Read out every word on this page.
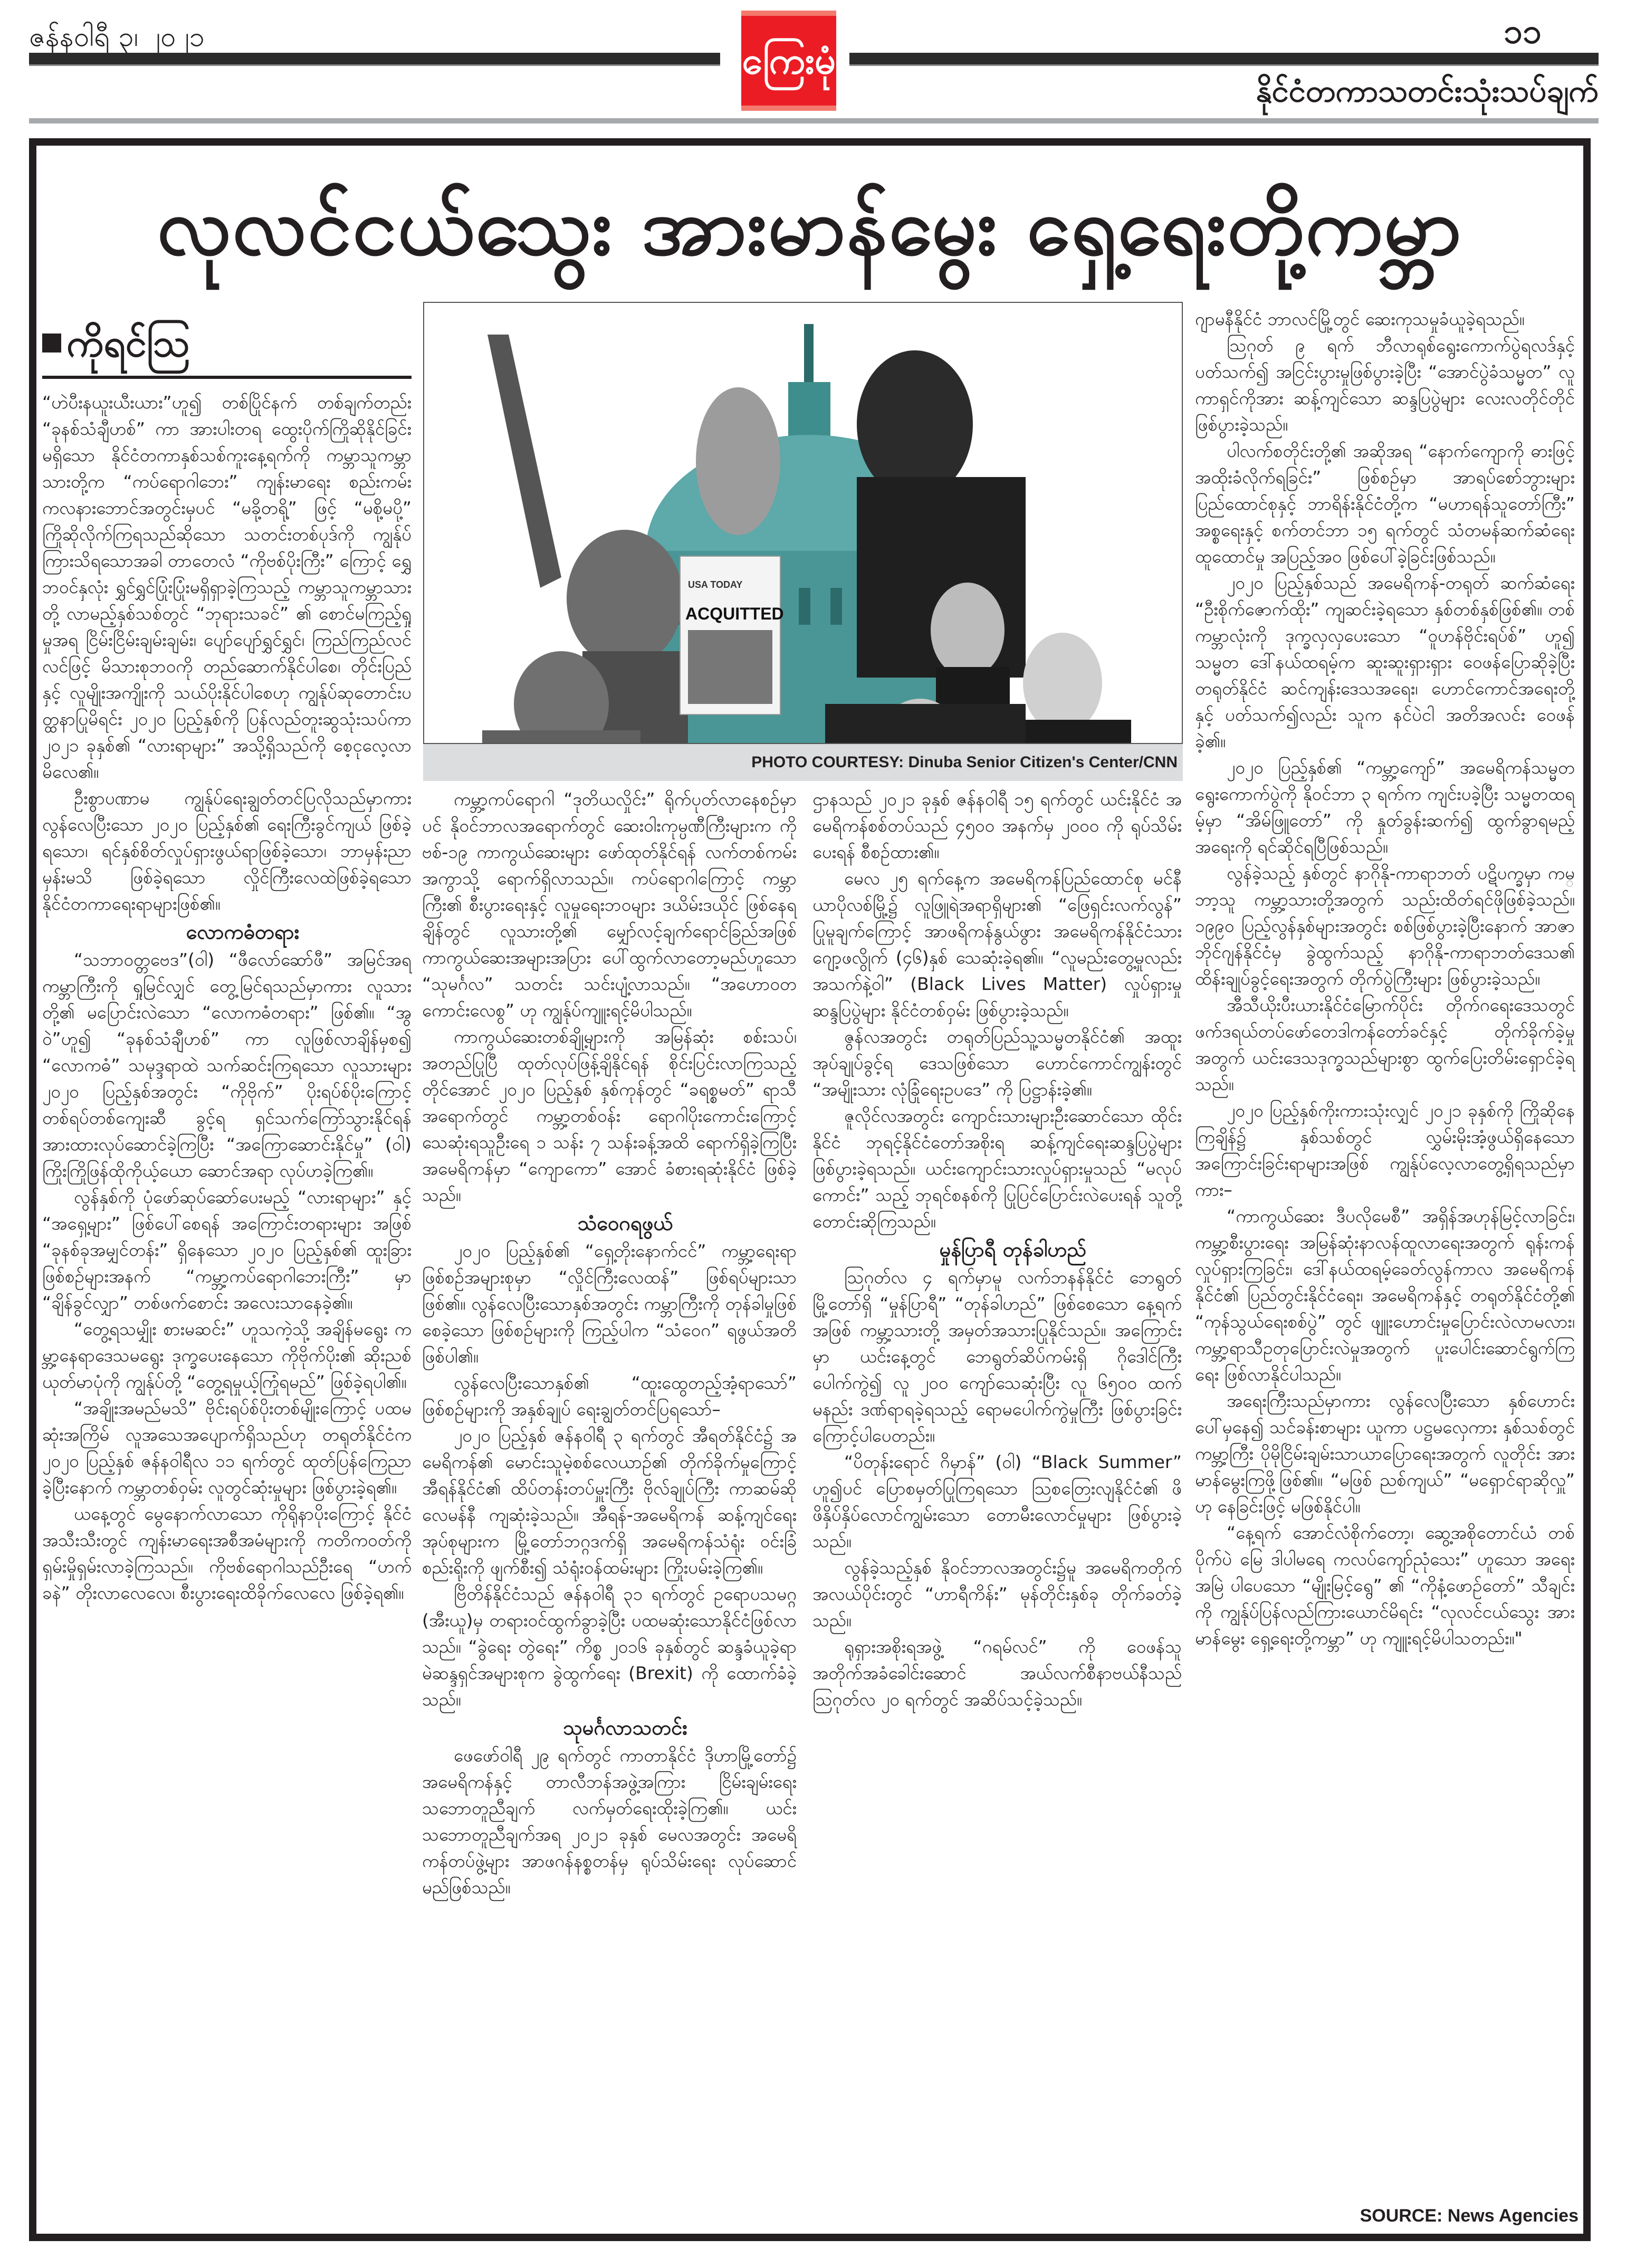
ဇန်နဝါရီ ၃၊ ၂၀၂၁
ကြေးမုံ
၁၁
နိုင်ငံတကာသတင်းသုံးသပ်ချက်
လုလင်ငယ်သွေး အားမာန်မွေး ရှေ့ရေးတို့ကမ္ဘာ
USA TODAY
ACQUITTED
PHOTO COURTESY: Dinuba Senior Citizen's Center/CNN
ကိုရင်ဩ

“ဟဲပီးနယူးယီးယား”ဟူ၍ တစ်ပြိုင်နက် တစ်ချက်တည်း “ခုနစ်သံချီဟစ်” ကာ အားပါးတရ ထွေးပိုက်ကြိုဆိုနိုင်ခြင်း မရှိသော နိုင်ငံတကာနှစ်သစ်ကူးနေ့ရက်ကို ကမ္ဘာသူကမ္ဘာသားတို့က “ကပ်ရောဂါဘေး” ကျန်းမာရေး စည်းကမ်း ကလနားဘောင်အတွင်းမှပင် “မခို့တရို့” ဖြင့် “မစို့မပို့” ကြိုဆိုလိုက်ကြရသည်ဆိုသော သတင်းတစ်ပုဒ်ကို ကျွန်ုပ်ကြားသိရသောအခါ တာတေလံ “ကိုဗစ်ပိုးကြီး” ကြောင့် ရွှေဘဝင်နှလုံး ရွှင်ရွှင်ပြုံးပြုံးမရှိရှာခဲ့ကြသည့် ကမ္ဘာသူကမ္ဘာသားတို့ လာမည့်နှစ်သစ်တွင် “ဘုရားသခင်” ၏ စောင်မကြည့်ရှုမှုအရ ငြိမ်းငြိမ်းချမ်းချမ်း၊ ပျော်ပျော်ရွှင်ရွှင်၊ ကြည်ကြည်လင်လင်ဖြင့် မိသားစုဘဝကို တည်ဆောက်နိုင်ပါစေ၊ တိုင်းပြည်နှင့် လူမျိုးအကျိုးကို သယ်ပိုးနိုင်ပါစေဟု ကျွန်ုပ်ဆုတောင်းပတ္ထနာပြုမိရင်း ၂၀၂၀ ပြည့်နှစ်ကို ပြန်လည်တူးဆွသုံးသပ်ကာ ၂၀၂၁ ခုနှစ်၏ “လားရာများ” အသို့ရှိသည်ကို စေ့ငုလေ့လာမိလေ၏။

ဦးစွာပဏာမ ကျွန်ုပ်ရေးချွတ်တင်ပြလိုသည်မှာကား လွန်လေပြီးသော ၂၀၂၀ ပြည့်နှစ်၏ ရေးကြီးခွင်ကျယ် ဖြစ်ခဲ့ရသော၊ ရင်နှစ်စိတ်လှုပ်ရှားဖွယ်ရာဖြစ်ခဲ့သော၊ ဘာမှန်းညာမှန်းမသိ ဖြစ်ခဲ့ရသော လှိုင်ကြီးလေထဲဖြစ်ခဲ့ရသော နိုင်ငံတကာရေးရာများဖြစ်၏။

လောကဓံတရား

“သဘာဝတ္တဗေဒ”(ဝါ) “ဖီလော်ဆော်ဖီ” အမြင်အရ ကမ္ဘာကြီးကို ရှုမြင်လျှင် တွေ့မြင်ရသည်မှာကား လူသားတို့၏ မပြောင်းလဲသော “လောကဓံတရား” ဖြစ်၏။ “အွဝဲ”ဟူ၍ “ခုနစ်သံချီဟစ်” ကာ လူဖြစ်လာချိန်မှစ၍ “လောကဓံ” သမုဒ္ဒရာထဲ သက်ဆင်းကြရသော လူသားများ ၂၀၂၀ ပြည့်နှစ်အတွင်း “ကိုဗိုက်” ပိုးရပ်စ်ပိုးကြောင့် တစ်ရပ်တစ်ကျေးဆီ ခွင့်ရ ရှင်သက်ကြော်သွားနိုင်ရန် အားထားလုပ်ဆောင်ခဲ့ကြပြီး “အကြောဆောင်းနိုင်မှု” (ဝါ) ကြိုးကြိုဖြန်ထိုကိုယ့်ယော ဆောင်အရာ လုပ်ဟခဲ့ကြ၏။

လွန်နှစ်ကို ပုံဖော်ဆုပ်ဆော်ပေးမည့် “လားရာများ” နှင့် “အရှေ့များ” ဖြစ်ပေါ်စေရန် အကြောင်းတရားများ အဖြစ် “ခုနစ်ခုအမျှင်တန်း” ရှိနေသော ၂၀၂၀ ပြည့်နှစ်၏ ထူးခြားဖြစ်စဉ်များအနက် “ကမ္ဘာ့ကပ်ရောဂါဘေးကြီး” မှာ “ချိန်ခွင်လျှာ” တစ်ဖက်စောင်း အလေးသာနေခဲ့၏။

“တွေ့ရသမျှိုး စားမဆင်း” ဟူသကဲ့သို့ အချိန်မရွေး ကမ္ဘာ့နေရာဒေသမရွေး ဒုက္ခပေးနေသော ကိုဗိုက်ပိုး၏ ဆိုးညစ်ယုတ်မာပုံကို ကျွန်ုပ်တို့ “တွေ့ရမှုယ့်ကြုံရမည်” ဖြစ်ခဲ့ရပါ၏။

“အချိုးအမည်မသိ” ဗိုင်းရပ်စ်ပိုးတစ်မျိုးကြောင့် ပထမဆုံးအကြိမ် လူအသေအပျောက်ရှိသည်ဟု တရုတ်နိုင်ငံက ၂၀၂၀ ပြည့်နှစ် ဇန်နဝါရီလ ၁၁ ရက်တွင် ထုတ်ပြန်ကြေညာခဲ့ပြီးနောက် ကမ္ဘာတစ်ဝှမ်း လူတွင်ဆုံးမှုများ ဖြစ်ပွားခဲ့ရ၏။

ယနေ့တွင် မွေနောက်လာသော ကိုရိုနာပိုးကြောင့် နိုင်ငံအသီးသီးတွင် ကျန်းမာရေးအစီအမံများကို ကတိကဝတ်ကို ရှမ်းမှိုရှမ်းလာခဲ့ကြသည်။ ကိုဗစ်ရောဂါသည်ဦးရေ “ဟက်ခနဲ” တိုးလာလေလေ၊ စီးပွားရေးထိခိုက်လေလေ ဖြစ်ခဲ့ရ၏။

ကမ္ဘာ့ကပ်ရောဂါ “ဒုတိယလှိုင်း” ရိုက်ပုတ်လာနေစဉ်မှာပင် နိုဝင်ဘာလအရောက်တွင် ဆေးဝါးကုမ္ပဏီကြီးများက ကိုဗစ်-၁၉ ကာကွယ်ဆေးများ ဖော်ထုတ်နိုင်ရန် လက်တစ်ကမ်းအကွာသို့ ရောက်ရှိလာသည်။ ကပ်ရောဂါကြောင့် ကမ္ဘာကြီး၏ စီးပွားရေးနှင့် လူမှုရေးဘဝများ ဒယိမ်းဒယိုင် ဖြစ်နေရချိန်တွင် လူသားတို့၏ မျှော်လင့်ချက်ရောင်ခြည်အဖြစ် ကာကွယ်ဆေးအများအပြား ပေါ်ထွက်လာတော့မည်ဟူသော “သုမင်္ဂလ” သတင်း သင်းပျံ့လာသည်။ “အဟောဝတကောင်းလေစွ” ဟု ကျွန်ုပ်ကျူးရင့်မိပါသည်။

ကာကွယ်ဆေးတစ်ချို့များကို အမြန်ဆုံး စစ်းသပ်၊ အတည်ပြုပြီ ထုတ်လုပ်ဖြန့်ချိနိုင်ရန် စိုင်းပြင်းလာကြသည့် တိုင်အောင် ၂၀၂၀ ပြည့်နှစ် နှစ်ကုန်တွင် “ခရစ္စမတ်” ရာသီ အရောက်တွင် ကမ္ဘာ့တစ်ဝန်း ရောဂါပိုးကောင်းကြောင့် သေဆုံးရသူဦးရေ ၁ သန်း ၇ သန်းခန့်အထိ ရောက်ရှိခဲ့ကြပြီး အမေရိကန်မှာ “ကျောကော” အောင် ခံစားရဆုံးနိုင်ငံ ဖြစ်ခဲ့သည်။

သံဝေဂရဖွယ်

၂၀၂၀ ပြည့်နှစ်၏ “ရှေ့တိုးနောက်ငင်” ကမ္ဘာ့ရေးရာ ဖြစ်စဉ်အများစုမှာ “လှိုင်ကြီးလေထန်” ဖြစ်ရပ်များသာ ဖြစ်၏။ လွန်လေပြီးသောနှစ်အတွင်း ကမ္ဘာကြီးကို တုန်ခါမှုဖြစ်စေခဲ့သော ဖြစ်စဉ်များကို ကြည့်ပါက “သံဝေဂ” ရဖွယ်အတိဖြစ်ပါ၏။

လွန်လေပြီးသောနှစ်၏ “ထူးထွေတည့်အံ့ရာသော်” ဖြစ်စဉ်များကို အနှစ်ချုပ် ရေးချွတ်တင်ပြရသော်–

၂၀၂၀ ပြည့်နှစ် ဇန်နဝါရီ ၃ ရက်တွင် အီရတ်နိုင်ငံ၌ အမေရိကန်၏ မောင်းသူမဲ့စစ်လေယာဉ်၏ တိုက်ခိုက်မှုကြောင့် အီရန်နိုင်ငံ၏ ထိပ်တန်းတပ်မှူးကြီး ဗိုလ်ချုပ်ကြီး ကာဆမ်ဆိုလေမန်နီ ကျဆုံးခဲ့သည်။ အီရန်-အမေရိကန် ဆန့်ကျင်ရေးအုပ်စုများက မြို့တော်ဘဂ္ဂဒက်ရှိ အမေရိကန်သံရုံး ဝင်းခြံစည်းရိုးကို ဖျက်စီး၍ သံရုံးဝန်ထမ်းများ ကြိုးပမ်းခဲ့ကြ၏။

ဗြိတိန်နိုင်ငံသည် ဇန်နဝါရီ ၃၁ ရက်တွင် ဥရောပသမဂ္ဂ (အီးယူ)မှ တရားဝင်ထွက်ခွာခဲ့ပြီး ပထမဆုံးသောနိုင်ငံဖြစ်လာသည်။ “ခွဲရေး တွဲရေး” ကိစ္စ ၂၀၁၆ ခုနှစ်တွင် ဆန္ဒခံယူခဲ့ရာ မဲဆန္ဒရှင်အများစုက ခွဲထွက်ရေး (Brexit) ကို ထောက်ခံခဲ့သည်။

သုမင်္ဂလာသတင်း

ဖေဖော်ဝါရီ ၂၉ ရက်တွင် ကာတာနိုင်ငံ ဒိုဟာမြို့တော်၌ အမေရိကန်နှင့် တာလီဘန်အဖွဲ့အကြား ငြိမ်းချမ်းရေးသဘောတူညီချက် လက်မှတ်ရေးထိုးခဲ့ကြ၏။ ယင်းသဘောတူညီချက်အရ ၂၀၂၁ ခုနှစ် မေလအတွင်း အမေရိကန်တပ်ဖွဲ့များ အာဖဂန်နစ္စတန်မှ ရုပ်သိမ်းရေး လုပ်ဆောင်မည်ဖြစ်သည်။

ဌာနသည် ၂၀၂၁ ခုနှစ် ဇန်နဝါရီ ၁၅ ရက်တွင် ယင်းနိုင်ငံ အမေရိကန်စစ်တပ်သည် ၄၅၀၀ အနက်မှ ၂၀၀၀ ကို ရုပ်သိမ်းပေးရန် စီစဉ်ထား၏။

မေလ ၂၅ ရက်နေ့က အမေရိကန်ပြည်ထောင်စု မင်နီယာပိုလစ်မြို့၌ လူဖြူရဲအရာရှိများ၏ “ဖြေရှင်းလက်လွန်” ပြုမူချက်ကြောင့် အာဖရိကန်နွယ်ဖွား အမေရိကန်နိုင်ငံသား ဂျော့ဖလွိုက် (၄၆)နှစ် သေဆုံးခဲ့ရ၏။ “လူမည်းတွေ့မှုလည်း အသက်နဲ့ဝါ” (Black Lives Matter) လှုပ်ရှားမှု ဆန္ဒပြပွဲများ နိုင်ငံတစ်ဝှမ်း ဖြစ်ပွားခဲ့သည်။

ဇွန်လအတွင်း တရုတ်ပြည်သူ့သမ္မတနိုင်ငံ၏ အထူးအုပ်ချုပ်ခွင့်ရ ဒေသဖြစ်သော ဟောင်ကောင်ကျွန်းတွင် “အမျိုးသား လုံခြုံရေးဥပဒေ” ကို ပြဋ္ဌာန်းခဲ့၏။

ဇူလိုင်လအတွင်း ကျောင်းသားများဦးဆောင်သော ထိုင်းနိုင်ငံ ဘုရင့်နိုင်ငံတော်အစိုးရ ဆန့်ကျင်ရေးဆန္ဒပြပွဲများ ဖြစ်ပွားခဲ့ရသည်။ ယင်းကျောင်းသားလှုပ်ရှားမှုသည် “မလုပ်ကောင်း” သည့် ဘုရင်စနစ်ကို ပြုပြင်ပြောင်းလဲပေးရန် သူတို့တောင်းဆိုကြသည်။

မှုန်ပြာရီ တုန်ခါဟည်

ဩဂုတ်လ ၄ ရက်မှာမူ လက်ဘနန်နိုင်ငံ ဘေရွတ်မြို့တော်ရှိ “မှုန်ပြာရီ” “တုန်ခါဟည်” ဖြစ်စေသော နေ့ရက်အဖြစ် ကမ္ဘာ့သားတို့ အမှတ်အသားပြုနိုင်သည်။ အကြောင်းမှာ ယင်းနေ့တွင် ဘေရွတ်ဆိပ်ကမ်းရှိ ဂိုဒေါင်ကြီး ပေါက်ကွဲ၍ လူ ၂၀၀ ကျော်သေဆုံးပြီး လူ ၆၅၀၀ ထက်မနည်း ဒဏ်ရာရခဲ့ရသည့် ရောမပေါက်ကွဲမှုကြီး ဖြစ်ပွားခြင်းကြောင့်ပါပေတည်း။

“ပိတုန်းရောင် ဂိမှာန်” (ဝါ) “Black Summer” ဟူ၍ပင် ပြောစမှတ်ပြုကြရသော ဩစတြေးလျနိုင်ငံ၏ ဖိဖိနှိပ်နှိပ်လောင်ကျွမ်းသော တောမီးလောင်မှုများ ဖြစ်ပွားခဲ့သည်။

လွန်ခဲ့သည့်နှစ် နိုဝင်ဘာလအတွင်း၌မူ အမေရိကတိုက် အလယ်ပိုင်းတွင် “ဟာရီကိန်း” မုန်တိုင်းနှစ်ခု တိုက်ခတ်ခဲ့သည်။

ရုရှားအစိုးရအဖွဲ့ “ဂရမ်လင်” ကို ဝေဖန်သူ အတိုက်အခံခေါင်းဆောင် အယ်လက်စီနာဗယ်နီသည် ဩဂုတ်လ ၂၀ ရက်တွင် အဆိပ်သင့်ခဲ့သည်။

ဂျာမနီနိုင်ငံ ဘာလင်မြို့တွင် ဆေးကုသမှုခံယူခဲ့ရသည်။

ဩဂုတ် ၉ ရက် ဘီလာရုစ်ရွေးကောက်ပွဲရလဒ်နှင့် ပတ်သက်၍ အငြင်းပွားမှုဖြစ်ပွားခဲ့ပြီး “အောင်ပွဲခံသမ္မတ” လူကာရှင်ကိုအား ဆန့်ကျင်သော ဆန္ဒပြပွဲများ လေးလတိုင်တိုင် ဖြစ်ပွားခဲ့သည်။

ပါလက်စတိုင်းတို့၏ အဆိုအရ “နောက်ကျောကို ဓားဖြင့် အထိုးခံလိုက်ရခြင်း” ဖြစ်စဉ်မှာ အာရပ်စော်ဘွားများ ပြည်ထောင်စုနှင့် ဘာရိန်းနိုင်ငံတို့က “မဟာရန်သူတော်ကြီး” အစ္စရေးနှင့် စက်တင်ဘာ ၁၅ ရက်တွင် သံတမန်ဆက်ဆံရေးထူထောင်မှု အပြည့်အဝ ဖြစ်ပေါ်ခဲ့ခြင်းဖြစ်သည်။

၂၀၂၀ ပြည့်နှစ်သည် အမေရိကန်-တရုတ် ဆက်ဆံရေး “ဦးစိုက်ဇောက်ထိုး” ကျဆင်းခဲ့ရသော နှစ်တစ်နှစ်ဖြစ်၏။ တစ်ကမ္ဘာလုံးကို ဒုက္ခလှလှပေးသော “ဝူဟန်ဗိုင်းရပ်စ်” ဟူ၍ သမ္မတ ဒေါ်နယ်ထရမ့်က ဆူးဆူးရှားရှား ဝေဖန်ပြောဆိုခဲ့ပြီး တရုတ်နိုင်ငံ ဆင်ကျန်းဒေသအရေး၊ ဟောင်ကောင်အရေးတို့နှင့် ပတ်သက်၍လည်း သူက နင်ပဲငါ အတိအလင်း ဝေဖန်ခဲ့၏။

၂၀၂၀ ပြည့်နှစ်၏ “ကမ္ဘာ့ကျော်” အမေရိကန်သမ္မတ ရွေးကောက်ပွဲကို နိုဝင်ဘာ ၃ ရက်က ကျင်းပခဲ့ပြီး သမ္မတထရမ့်မှာ “အိမ်ဖြူတော်” ကို နှုတ်ခွန်းဆက်၍ ထွက်ခွာရမည့်အရေးကို ရင်ဆိုင်ရပြီဖြစ်သည်။

လွန်ခဲ့သည့် နှစ်တွင် နာဂိုနို-ကာရာဘတ် ပဋိပက္ခမှာ ကမ္ဘာ့သူ ကမ္ဘာ့သားတို့အတွက် သည်းထိတ်ရင်ဖိုဖြစ်ခဲ့သည်။ ၁၉၉၀ ပြည့်လွန်နှစ်များအတွင်း စစ်ဖြစ်ပွားခဲ့ပြီးနောက် အာဇာဘိုင်ဂျန်နိုင်ငံမှ ခွဲထွက်သည့် နာဂိုနို-ကာရာဘတ်ဒေသ၏ ထိန်းချုပ်ခွင့်ရေးအတွက် တိုက်ပွဲကြီးများ ဖြစ်ပွားခဲ့သည်။

အီသီယိုးပီးယားနိုင်ငံမြောက်ပိုင်း တိုက်ဂရေးဒေသတွင် ဖက်ဒရယ်တပ်ဖော်တေဒါကန်တော်ခင်နှင့် တိုက်ခိုက်ခဲ့မှုအတွက် ယင်းဒေသဒုက္ခသည်များစွာ ထွက်ပြေးတိမ်းရှောင်ခဲ့ရသည်။

၂၀၂၀ ပြည့်နှစ်ကိုးကားသုံးလျှင် ၂၀၂၁ ခုနှစ်ကို ကြိုဆိုနေကြချိန်၌ နှစ်သစ်တွင် လွှမ်းမိုးအံ့ဖွယ်ရှိနေသော အကြောင်းခြင်းရာများအဖြစ် ကျွန်ုပ်လေ့လာတွေ့ရှိရသည်မှာကား–

“ကာကွယ်ဆေး ဒီပလိုမေစီ” အရှိန်အဟုန်မြင့်လာခြင်း၊ ကမ္ဘာ့စီးပွားရေး အမြန်ဆုံးနာလန်ထူလာရေးအတွက် ရုန်းကန်လှုပ်ရှားကြခြင်း၊ ဒေါ်နယ်ထရမ့်ခေတ်လွန်ကာလ အမေရိကန်နိုင်ငံ၏ ပြည်တွင်းနိုင်ငံရေး၊ အမေရိကန်နှင့် တရုတ်နိုင်ငံတို့၏ “ကုန်သွယ်ရေးစစ်ပွဲ” တွင် ဖျူးဟောင်းမှုပြောင်းလဲလာမလား၊ ကမ္ဘာ့ရာသီဥတုပြောင်းလဲမှုအတွက် ပူးပေါင်းဆောင်ရွက်ကြရေး ဖြစ်လာနိုင်ပါသည်။

အရေးကြီးသည်မှာကား လွန်လေပြီးသော နှစ်ဟောင်းပေါ်မှနေ၍ သင်ခန်းစာများ ယူကာ ပဋ္ဌမလှေကား နှစ်သစ်တွင် ကမ္ဘာ့ကြီး ပိုမိုငြိမ်းချမ်းသာယာပြောရေးအတွက် လူတိုင်း အားမာန်မွေးကြဖို့ဖြစ်၏။ “မဖြစ် ညစ်ကျယ်” “မရှောင်ရာဆိုလှူ” ဟု နေခြင်းဖြင့် မဖြစ်နိုင်ပါ။

“နေ့ရက် အောင်လံစိုက်တော့၊ ဆွေ့အစိုတောင်ယံ တစ်ပိုက်ပဲ မြေ ဒါပါမရေ ကလပ်ကျော်ညုံသေး” ဟူသော အရေးအမြဲ ပါပေသော “မျိုးမြင့်ရွေ” ၏ “ကိုနံ့ဖောဉ်တော်” သီချင်းကို ကျွန်ုပ်ပြန်လည်ကြားယောင်မိရင်း “လုလင်ငယ်သွေး အားမာန်မွေး ရှေ့ရေးတို့ကမ္ဘာ” ဟု ကျူးရင့်မိပါသတည်း။"

SOURCE: News Agencies
